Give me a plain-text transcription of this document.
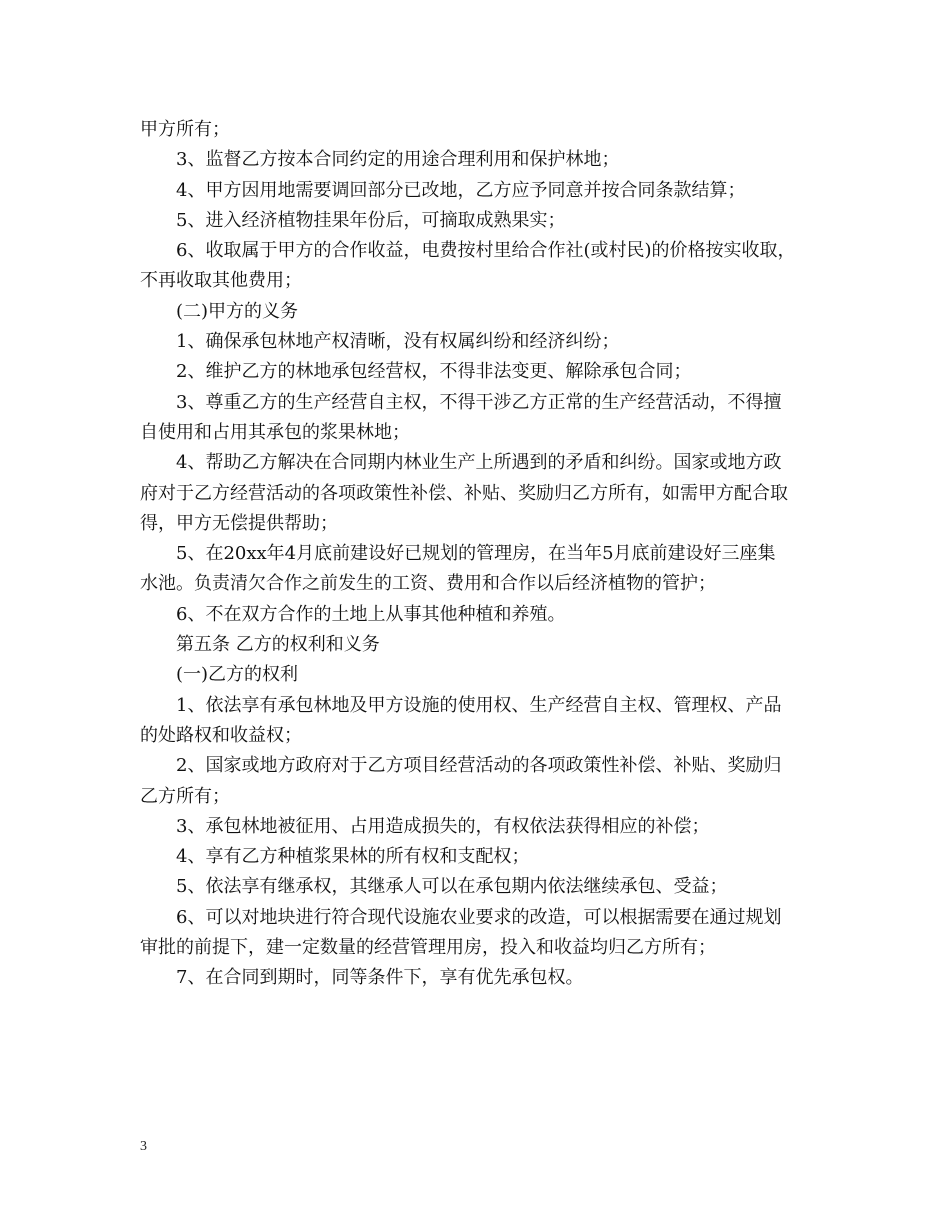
甲方所有；
3、监督乙方按本合同约定的用途合理利用和保护林地；
4、甲方因用地需要调回部分已改地，乙方应予同意并按合同条款结算；
5、进入经济植物挂果年份后，可摘取成熟果实；
6、收取属于甲方的合作收益，电费按村里给合作社(或村民)的价格按实收取，
不再收取其他费用；
(二)甲方的义务
1、确保承包林地产权清晰，没有权属纠纷和经济纠纷；
2、维护乙方的林地承包经营权，不得非法变更、解除承包合同；
3、尊重乙方的生产经营自主权，不得干涉乙方正常的生产经营活动，不得擅
自使用和占用其承包的浆果林地；
4、帮助乙方解决在合同期内林业生产上所遇到的矛盾和纠纷。国家或地方政
府对于乙方经营活动的各项政策性补偿、补贴、奖励归乙方所有，如需甲方配合取
得，甲方无偿提供帮助；
5、在20xx年4月底前建设好已规划的管理房，在当年5月底前建设好三座集
水池。负责清欠合作之前发生的工资、费用和合作以后经济植物的管护；
6、不在双方合作的土地上从事其他种植和养殖。
第五条 乙方的权利和义务
(一)乙方的权利
1、依法享有承包林地及甲方设施的使用权、生产经营自主权、管理权、产品
的处路权和收益权；
2、国家或地方政府对于乙方项目经营活动的各项政策性补偿、补贴、奖励归
乙方所有；
3、承包林地被征用、占用造成损失的，有权依法获得相应的补偿；
4、享有乙方种植浆果林的所有权和支配权；
5、依法享有继承权，其继承人可以在承包期内依法继续承包、受益；
6、可以对地块进行符合现代设施农业要求的改造，可以根据需要在通过规划
审批的前提下，建一定数量的经营管理用房，投入和收益均归乙方所有；
7、在合同到期时，同等条件下，享有优先承包权。
3
